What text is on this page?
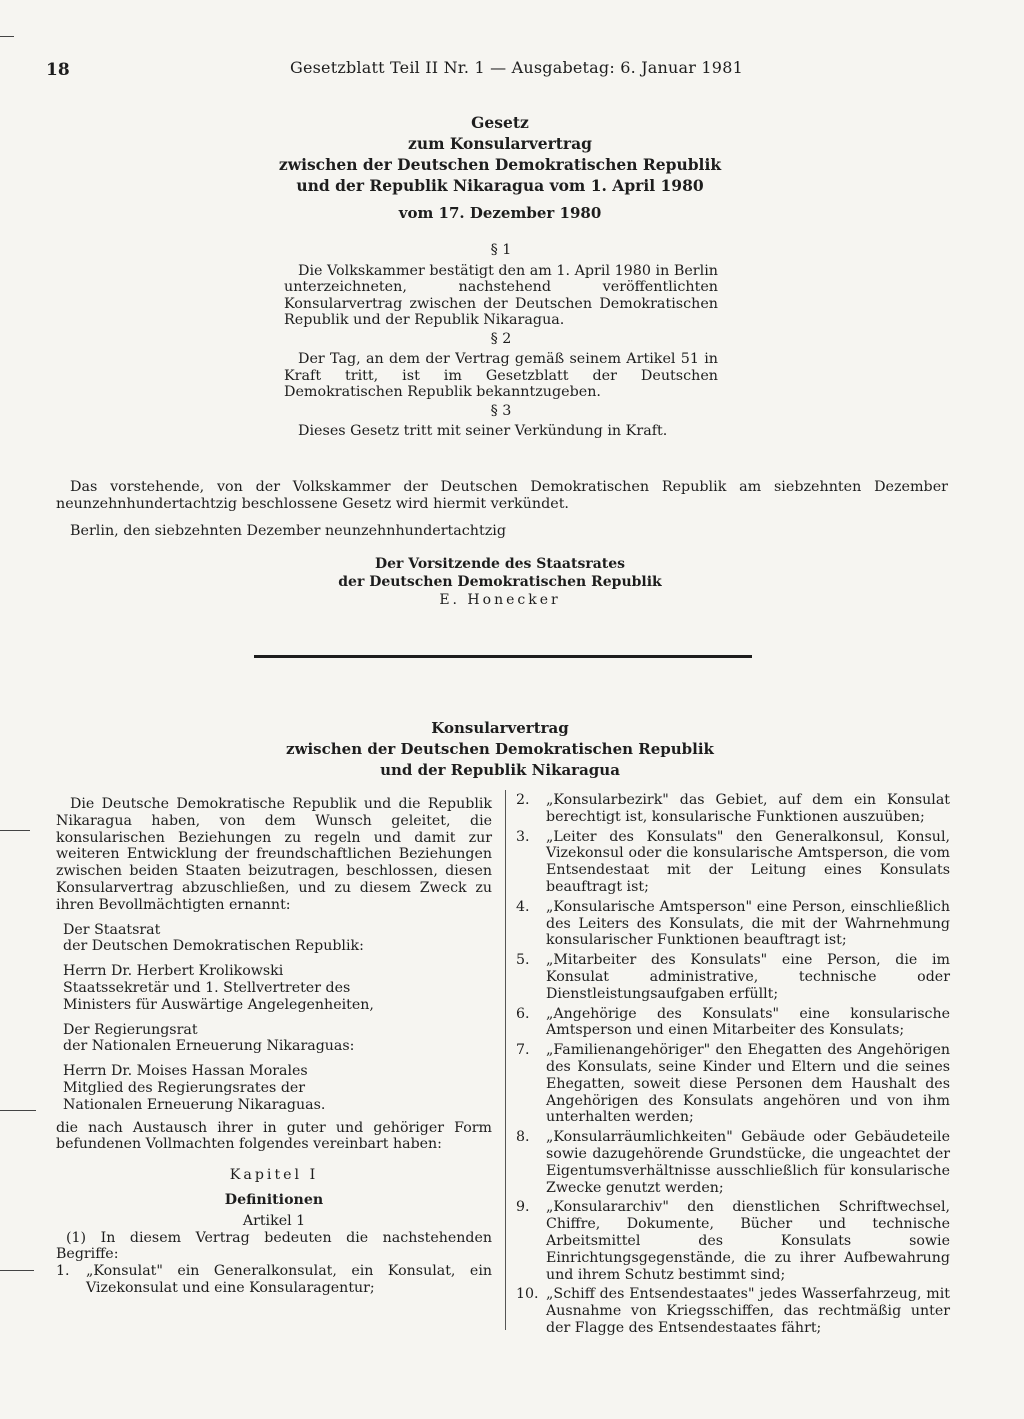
18	Gesetzblatt Teil II Nr. 1 — Ausgabetag: 6. Januar 1981
Gesetz
zum Konsularvertrag
zwischen der Deutschen Demokratischen Republik
und der Republik Nikaragua vom 1. April 1980
vom 17. Dezember 1980
§ 1

Die Volkskammer bestätigt den am 1. April 1980 in Berlin unterzeichneten, nachstehend veröffentlichten Konsularvertrag zwischen der Deutschen Demokratischen Republik und der Republik Nikaragua.

§ 2

Der Tag, an dem der Vertrag gemäß seinem Artikel 51 in Kraft tritt, ist im Gesetzblatt der Deutschen Demokratischen Republik bekanntzugeben.

§ 3

Dieses Gesetz tritt mit seiner Verkündung in Kraft.

Das vorstehende, von der Volkskammer der Deutschen Demokratischen Republik am siebzehnten Dezember neunzehnhundertachtzig beschlossene Gesetz wird hiermit verkündet.

Berlin, den siebzehnten Dezember neunzehnhundertachtzig

Der Vorsitzende des Staatsrates
der Deutschen Demokratischen Republik
E. Honecker
Konsularvertrag
zwischen der Deutschen Demokratischen Republik
und der Republik Nikaragua

Die Deutsche Demokratische Republik und die Republik Nikaragua haben, von dem Wunsch geleitet, die konsularischen Beziehungen zu regeln und damit zur weiteren Entwicklung der freundschaftlichen Beziehungen zwischen beiden Staaten beizutragen, beschlossen, diesen Konsularvertrag abzuschließen, und zu diesem Zweck zu ihren Bevollmächtigten ernannt:

Der Staatsrat
der Deutschen Demokratischen Republik:
Herrn Dr. Herbert Krolikowski
Staatssekretär und 1. Stellvertreter des
Ministers für Auswärtige Angelegenheiten,
Der Regierungsrat
der Nationalen Erneuerung Nikaraguas:
Herrn Dr. Moises Hassan Morales
Mitglied des Regierungsrates der
Nationalen Erneuerung Nikaraguas.

die nach Austausch ihrer in guter und gehöriger Form befundenen Vollmachten folgendes vereinbart haben:

Kapitel I
Definitionen
Artikel 1

(1) In diesem Vertrag bedeuten die nachstehenden Begriffe:

1.	„Konsulat" ein Generalkonsulat, ein Konsulat, ein Vizekonsulat und eine Konsularagentur;
2.	„Konsularbezirk" das Gebiet, auf dem ein Konsulat berechtigt ist, konsularische Funktionen auszuüben;
3.	„Leiter des Konsulats" den Generalkonsul, Konsul, Vizekonsul oder die konsularische Amtsperson, die vom Entsendestaat mit der Leitung eines Konsulats beauftragt ist;
4.	„Konsularische Amtsperson" eine Person, einschließlich des Leiters des Konsulats, die mit der Wahrnehmung konsularischer Funktionen beauftragt ist;
5.	„Mitarbeiter des Konsulats" eine Person, die im Konsulat administrative, technische oder Dienstleistungsaufgaben erfüllt;
6.	„Angehörige des Konsulats" eine konsularische Amtsperson und einen Mitarbeiter des Konsulats;
7.	„Familienangehöriger" den Ehegatten des Angehörigen des Konsulats, seine Kinder und Eltern und die seines Ehegatten, soweit diese Personen dem Haushalt des Angehörigen des Konsulats angehören und von ihm unterhalten werden;
8.	„Konsularräumlichkeiten" Gebäude oder Gebäudeteile sowie dazugehörende Grundstücke, die ungeachtet der Eigentumsverhältnisse ausschließlich für konsularische Zwecke genutzt werden;
9.	„Konsulararchiv" den dienstlichen Schriftwechsel, Chiffre, Dokumente, Bücher und technische Arbeitsmittel des Konsulats sowie Einrichtungsgegenstände, die zu ihrer Aufbewahrung und ihrem Schutz bestimmt sind;
10. „Schiff des Entsendestaates" jedes Wasserfahrzeug, mit Ausnahme von Kriegsschiffen, das rechtmäßig unter der Flagge des Entsendestaates fährt;
